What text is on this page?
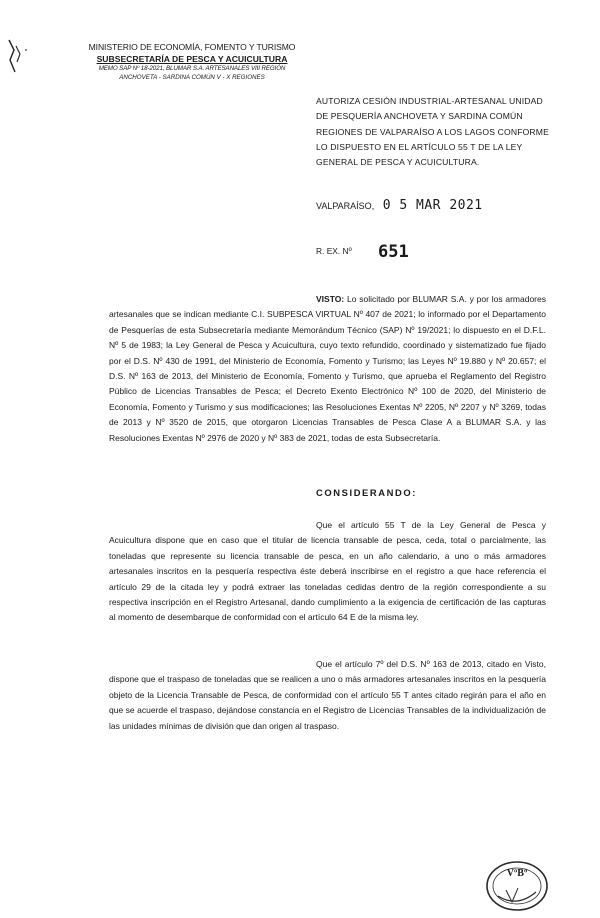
MINISTERIO DE ECONOMÍA, FOMENTO Y TURISMO
SUBSECRETARÍA DE PESCA Y ACUICULTURA
MEMO SAP Nº 18-2021, BLUMAR S.A. ARTESANALES VIII REGIÓN
ANCHOVETA - SARDINA COMÚN V - X REGIONES
AUTORIZA CESIÓN INDUSTRIAL-ARTESANAL UNIDAD
DE PESQUERÍA ANCHOVETA Y SARDINA COMÚN
REGIONES DE VALPARAÍSO A LOS LAGOS CONFORME
LO DISPUESTO EN EL ARTÍCULO 55 T DE LA LEY
GENERAL DE PESCA Y ACUICULTURA.
VALPARAÍSO, 0 5 MAR 2021
R. EX. Nº 651
VISTO: Lo solicitado por BLUMAR S.A. y por los armadores artesanales que se indican mediante C.I. SUBPESCA VIRTUAL Nº 407 de 2021; lo informado por el Departamento de Pesquerías de esta Subsecretaría mediante Memorándum Técnico (SAP) Nº 19/2021; lo dispuesto en el D.F.L. Nº 5 de 1983; la Ley General de Pesca y Acuicultura, cuyo texto refundido, coordinado y sistematizado fue fijado por el D.S. Nº 430 de 1991, del Ministerio de Economía, Fomento y Turismo; las Leyes Nº 19.880 y Nº 20.657; el D.S. Nº 163 de 2013, del Ministerio de Economía, Fomento y Turismo, que aprueba el Reglamento del Registro Público de Licencias Transables de Pesca; el Decreto Exento Electrónico Nº 100 de 2020, del Ministerio de Economía, Fomento y Turismo y sus modificaciones; las Resoluciones Exentas Nº 2205, Nº 2207 y Nº 3269, todas de 2013 y Nº 3520 de 2015, que otorgaron Licencias Transables de Pesca Clase A a BLUMAR S.A. y las Resoluciones Exentas Nº 2976 de 2020 y Nº 383 de 2021, todas de esta Subsecretaría.
CONSIDERANDO:
Que el artículo 55 T de la Ley General de Pesca y Acuicultura dispone que en caso que el titular de licencia transable de pesca, ceda, total o parcialmente, las toneladas que represente su licencia transable de pesca, en un año calendario, a uno o más armadores artesanales inscritos en la pesquería respectiva éste deberá inscribirse en el registro a que hace referencia el artículo 29 de la citada ley y podrá extraer las toneladas cedidas dentro de la región correspondiente a su respectiva inscripción en el Registro Artesanal, dando cumplimiento a la exigencia de certificación de las capturas al momento de desembarque de conformidad con el artículo 64 E de la misma ley.
Que el artículo 7º del D.S. Nº 163 de 2013, citado en Visto, dispone que el traspaso de toneladas que se realicen a uno o más armadores artesanales inscritos en la pesquería objeto de la Licencia Transable de Pesca, de conformidad con el artículo 55 T antes citado regirán para el año en que se acuerde el traspaso, dejándose constancia en el Registro de Licencias Transables de la individualización de las unidades mínimas de división que dan origen al traspaso.
VºBº
